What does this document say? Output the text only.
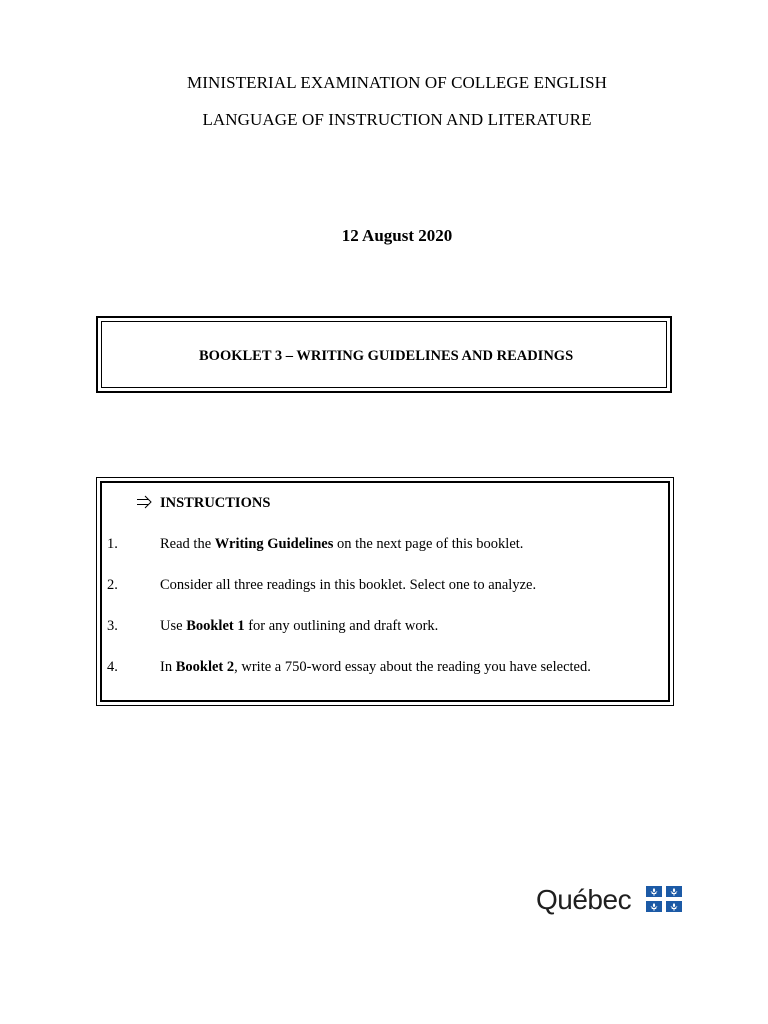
MINISTERIAL EXAMINATION OF COLLEGE ENGLISH
LANGUAGE OF INSTRUCTION AND LITERATURE
12 August 2020
BOOKLET 3 – WRITING GUIDELINES AND READINGS
INSTRUCTIONS
1.	Read the Writing Guidelines on the next page of this booklet.
2.	Consider all three readings in this booklet. Select one to analyze.
3.	Use Booklet 1 for any outlining and draft work.
4.	In Booklet 2, write a 750-word essay about the reading you have selected.
Québec
